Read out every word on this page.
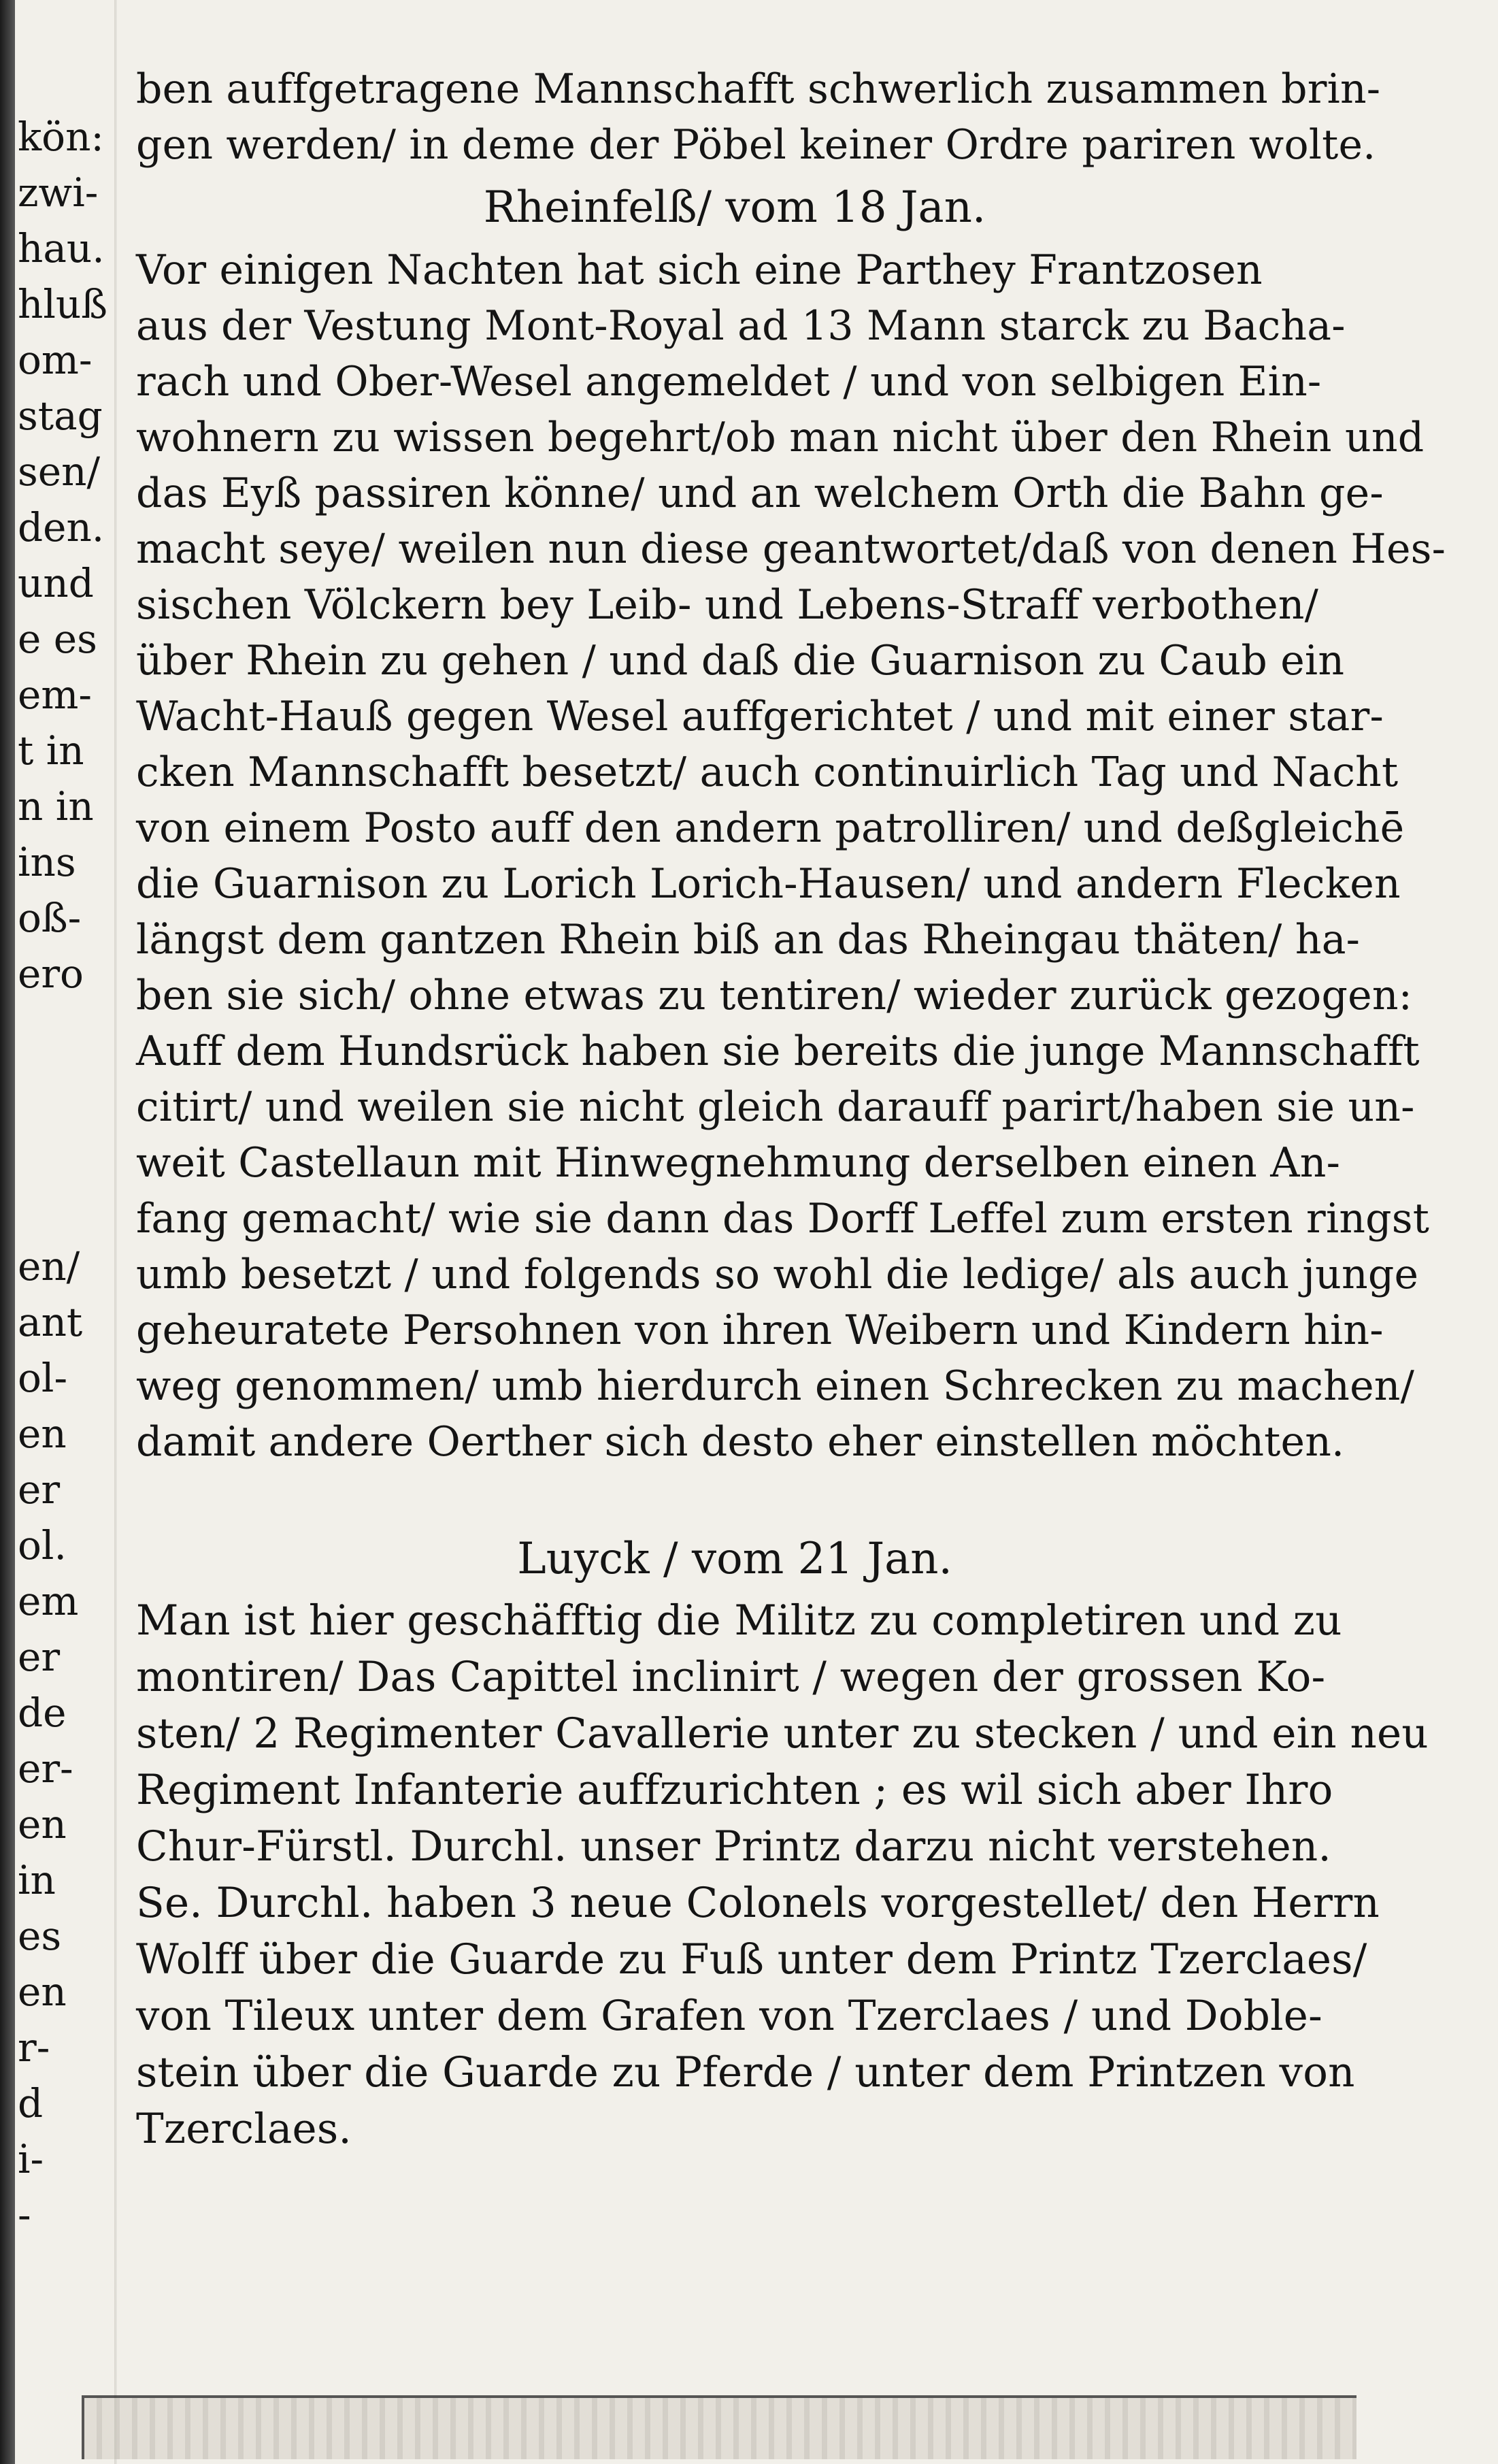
kön:
zwi-
hau.
hluß
om-
stag
sen/
den.
und
e es
em-
t in
n in
ins
oß-
ero
en/
ant
ol-
en
er
ol.
em
er
de
er-
en
in
es
en
r-
d
i-
-
ben auffgetragene Mannschafft schwerlich zusammen brin-
gen werden/ in deme der Pöbel keiner Ordre pariren wolte.
Rheinfelß/ vom 18 Jan.
Vor einigen Nachten hat sich eine Parthey Frantzosen
aus der Vestung Mont-Royal ad 13 Mann starck zu Bacha-
rach und Ober-Wesel angemeldet / und von selbigen Ein-
wohnern zu wissen begehrt/ob man nicht über den Rhein und
das Eyß passiren könne/ und an welchem Orth die Bahn ge-
macht seye/ weilen nun diese geantwortet/daß von denen Hes-
sischen Völckern bey Leib- und Lebens-Straff verbothen/
über Rhein zu gehen / und daß die Guarnison zu Caub ein
Wacht-Hauß gegen Wesel auffgerichtet / und mit einer star-
cken Mannschafft besetzt/ auch continuirlich Tag und Nacht
von einem Posto auff den andern patrolliren/ und deßgleichē
die Guarnison zu Lorich Lorich-Hausen/ und andern Flecken
längst dem gantzen Rhein biß an das Rheingau thäten/ ha-
ben sie sich/ ohne etwas zu tentiren/ wieder zurück gezogen:
Auff dem Hundsrück haben sie bereits die junge Mannschafft
citirt/ und weilen sie nicht gleich darauff parirt/haben sie un-
weit Castellaun mit Hinwegnehmung derselben einen An-
fang gemacht/ wie sie dann das Dorff Leffel zum ersten ringst
umb besetzt / und folgends so wohl die ledige/ als auch junge
geheuratete Persohnen von ihren Weibern und Kindern hin-
weg genommen/ umb hierdurch einen Schrecken zu machen/
damit andere Oerther sich desto eher einstellen möchten.
Luyck / vom 21 Jan.
Man ist hier geschäfftig die Militz zu completiren und zu
montiren/ Das Capittel inclinirt / wegen der grossen Ko-
sten/ 2 Regimenter Cavallerie unter zu stecken / und ein neu
Regiment Infanterie auffzurichten ; es wil sich aber Ihro
Chur-Fürstl. Durchl. unser Printz darzu nicht verstehen.
Se. Durchl. haben 3 neue Colonels vorgestellet/ den Herrn
Wolff über die Guarde zu Fuß unter dem Printz Tzerclaes/
von Tileux unter dem Grafen von Tzerclaes / und Doble-
stein über die Guarde zu Pferde / unter dem Printzen von
Tzerclaes.
